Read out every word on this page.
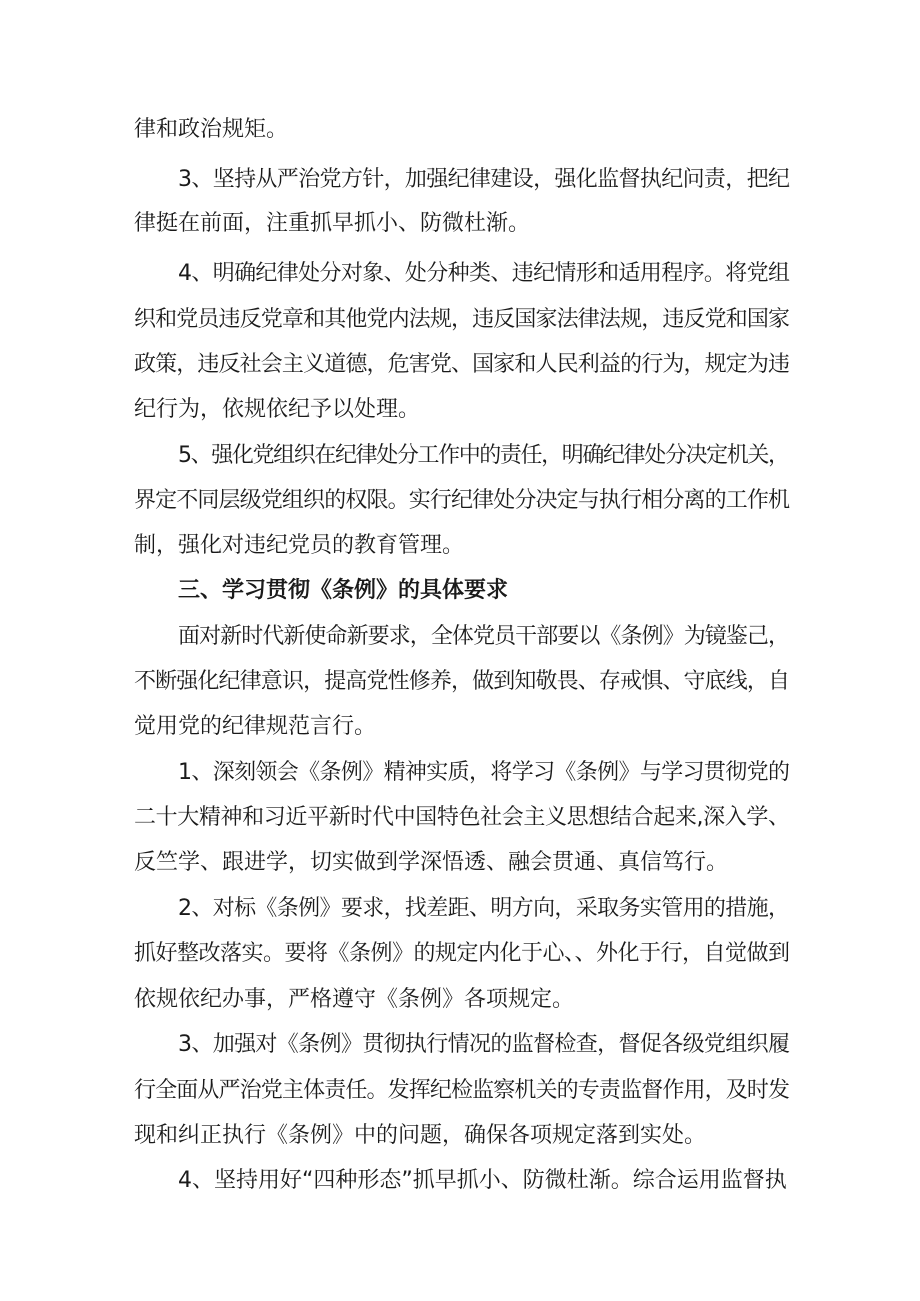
律和政治规矩。
3、坚持从严治党方针，加强纪律建设，强化监督执纪问责，把纪
律挺在前面，注重抓早抓小、防微杜渐。
4、明确纪律处分对象、处分种类、违纪情形和适用程序。将党组
织和党员违反党章和其他党内法规，违反国家法律法规，违反党和国家
政策，违反社会主义道德，危害党、国家和人民利益的行为，规定为违
纪行为，依规依纪予以处理。
5、强化党组织在纪律处分工作中的责任，明确纪律处分决定机关，
界定不同层级党组织的权限。实行纪律处分决定与执行相分离的工作机
制，强化对违纪党员的教育管理。
三、学习贯彻《条例》的具体要求
面对新时代新使命新要求，全体党员干部要以《条例》为镜鉴己，
不断强化纪律意识，提高党性修养，做到知敬畏、存戒惧、守底线，自
觉用党的纪律规范言行。
1、深刻领会《条例》精神实质，将学习《条例》与学习贯彻党的
二十大精神和习近平新时代中国特色社会主义思想结合起来,深入学、
反竺学、跟进学，切实做到学深悟透、融会贯通、真信笃行。
2、对标《条例》要求，找差距、明方向，采取务实管用的措施，
抓好整改落实。要将《条例》的规定内化于心、、外化于行，自觉做到
依规依纪办事，严格遵守《条例》各项规定。
3、加强对《条例》贯彻执行情况的监督检查，督促各级党组织履
行全面从严治党主体责任。发挥纪检监察机关的专责监督作用，及时发
现和纠正执行《条例》中的问题，确保各项规定落到实处。
4、坚持用好“四种形态”抓早抓小、防微杜渐。综合运用监督执
